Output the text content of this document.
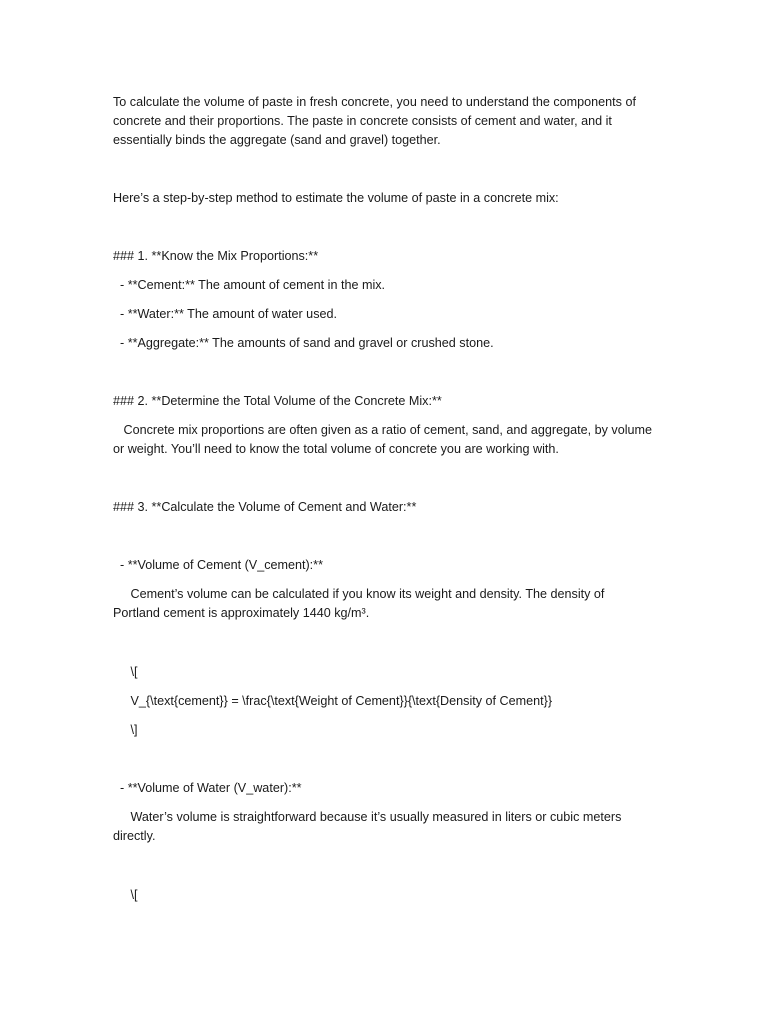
To calculate the volume of paste in fresh concrete, you need to understand the components of

concrete and their proportions. The paste in concrete consists of cement and water, and it

essentially binds the aggregate (sand and gravel) together.

Here’s a step-by-step method to estimate the volume of paste in a concrete mix:

### 1. **Know the Mix Proportions:**

- **Cement:** The amount of cement in the mix.

- **Water:** The amount of water used.

- **Aggregate:** The amounts of sand and gravel or crushed stone.

### 2. **Determine the Total Volume of the Concrete Mix:**

Concrete mix proportions are often given as a ratio of cement, sand, and aggregate, by volume

or weight. You’ll need to know the total volume of concrete you are working with.

### 3. **Calculate the Volume of Cement and Water:**

- **Volume of Cement (V_cement):**

Cement’s volume can be calculated if you know its weight and density. The density of

Portland cement is approximately 1440 kg/m³.

\[

V_{\text{cement}} = \frac{\text{Weight of Cement}}{\text{Density of Cement}}

\]

- **Volume of Water (V_water):**

Water’s volume is straightforward because it’s usually measured in liters or cubic meters

directly.

\[
